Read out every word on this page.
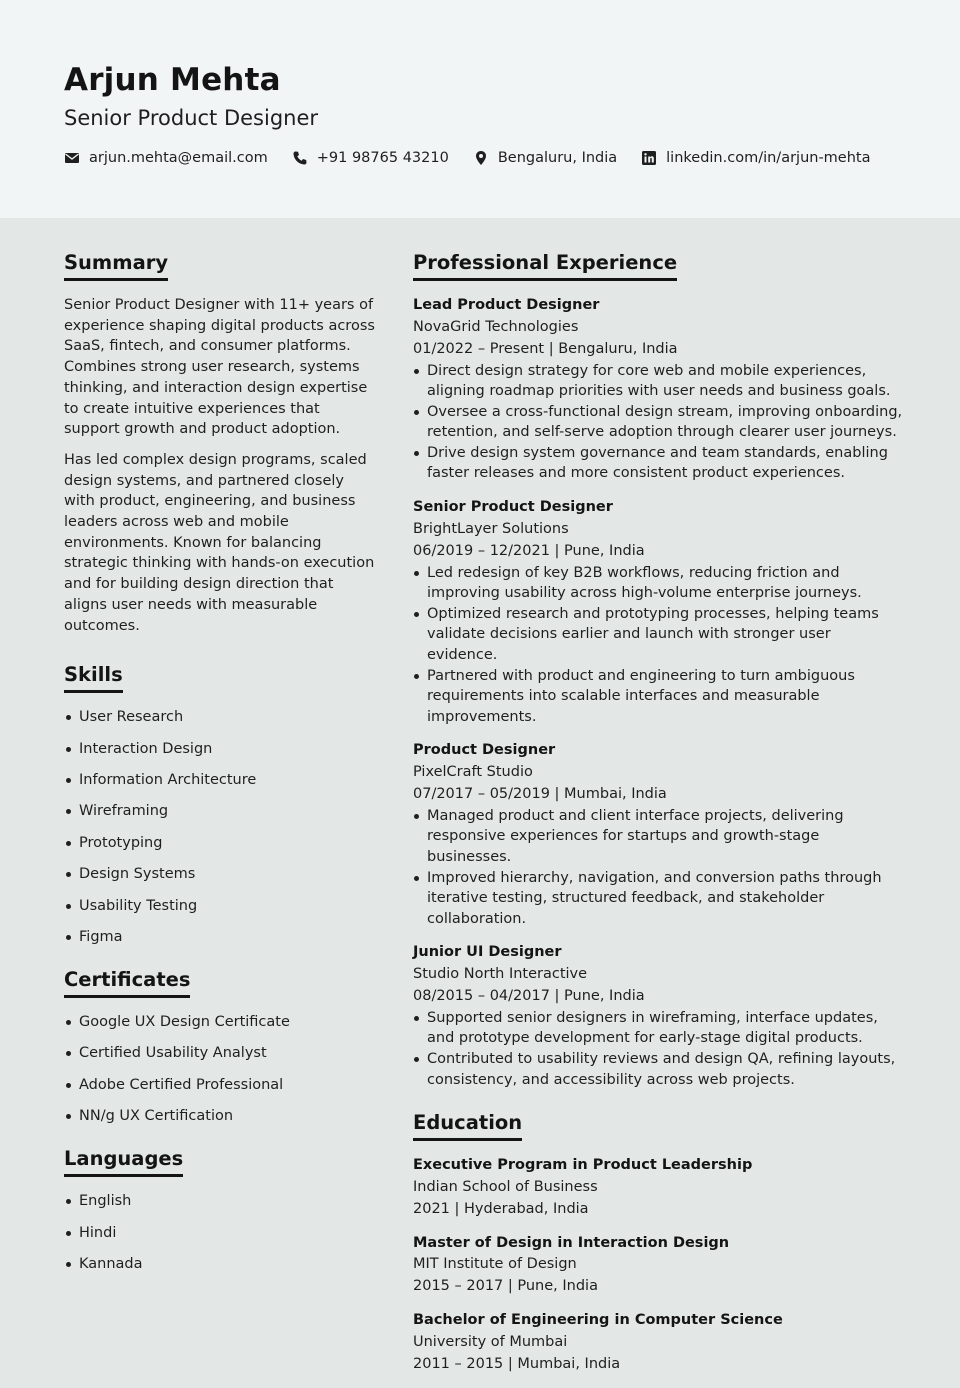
Arjun Mehta
Senior Product Designer
arjun.mehta@email.com	+91 98765 43210	Bengaluru, India	linkedin.com/in/arjun-mehta
Summary

Senior Product Designer with 11+ years of experience shaping digital products across SaaS, fintech, and consumer platforms. Combines strong user research, systems thinking, and interaction design expertise to create intuitive experiences that support growth and product adoption.

Has led complex design programs, scaled design systems, and partnered closely with product, engineering, and business leaders across web and mobile environments. Known for balancing strategic thinking with hands-on execution and for building design direction that aligns user needs with measurable outcomes.

Skills
User Research
Interaction Design
Information Architecture
Wireframing
Prototyping
Design Systems
Usability Testing
Figma
Certificates
Google UX Design Certificate
Certified Usability Analyst
Adobe Certified Professional
NN/g UX Certification
Languages
English
Hindi
Kannada
Professional Experience
Lead Product Designer
NovaGrid Technologies
01/2022 – Present | Bengaluru, India
Direct design strategy for core web and mobile experiences, aligning roadmap priorities with user needs and business goals.
Oversee a cross-functional design stream, improving onboarding, retention, and self-serve adoption through clearer user journeys.
Drive design system governance and team standards, enabling faster releases and more consistent product experiences.
Senior Product Designer
BrightLayer Solutions
06/2019 – 12/2021 | Pune, India
Led redesign of key B2B workflows, reducing friction and improving usability across high-volume enterprise journeys.
Optimized research and prototyping processes, helping teams validate decisions earlier and launch with stronger user evidence.
Partnered with product and engineering to turn ambiguous requirements into scalable interfaces and measurable improvements.
Product Designer
PixelCraft Studio
07/2017 – 05/2019 | Mumbai, India
Managed product and client interface projects, delivering responsive experiences for startups and growth-stage businesses.
Improved hierarchy, navigation, and conversion paths through iterative testing, structured feedback, and stakeholder collaboration.
Junior UI Designer
Studio North Interactive
08/2015 – 04/2017 | Pune, India
Supported senior designers in wireframing, interface updates, and prototype development for early-stage digital products.
Contributed to usability reviews and design QA, refining layouts, consistency, and accessibility across web projects.
Education
Executive Program in Product Leadership
Indian School of Business
2021 | Hyderabad, India
Master of Design in Interaction Design
MIT Institute of Design
2015 – 2017 | Pune, India
Bachelor of Engineering in Computer Science
University of Mumbai
2011 – 2015 | Mumbai, India
